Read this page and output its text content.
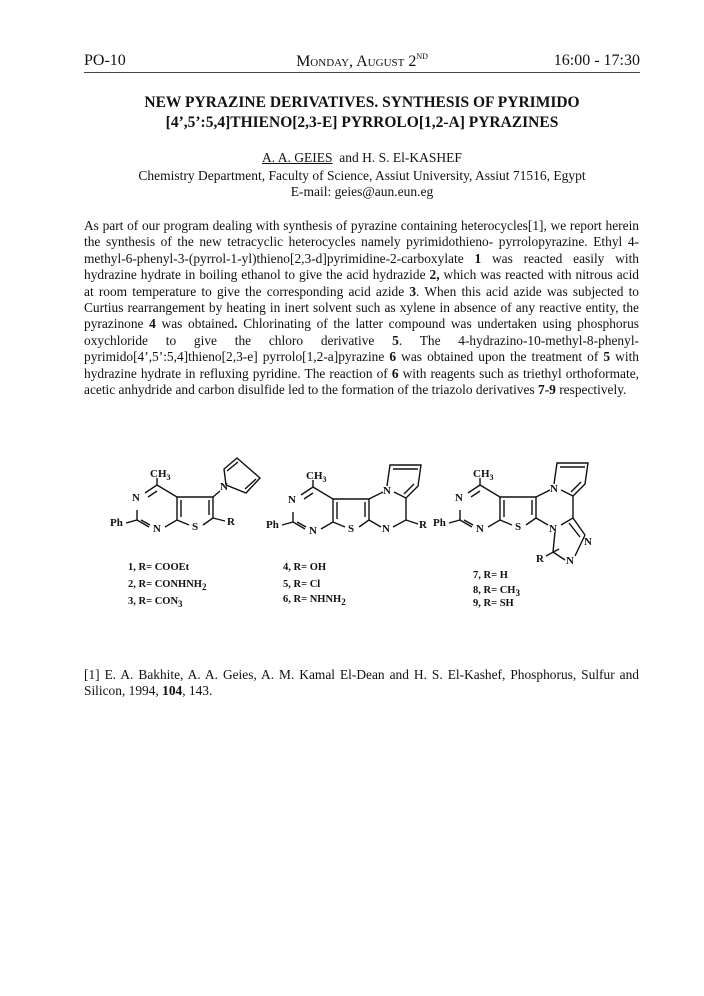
PO-10	Monday, August 2ND	16:00 - 17:30
NEW PYRAZINE DERIVATIVES. SYNTHESIS OF PYRIMIDO
[4’,5’:5,4]THIENO[2,3-E] PYRROLO[1,2-A] PYRAZINES
A. A. GEIES and H. S. El-KASHEF
Chemistry Department, Faculty of Science, Assiut University, Assiut 71516, Egypt
E-mail: geies@aun.eun.eg
As part of our program dealing with synthesis of pyrazine containing heterocycles[1], we report herein the synthesis of the new tetracyclic heterocycles namely pyrimidothieno- pyrrolopyrazine. Ethyl 4-methyl-6-phenyl-3-(pyrrol-1-yl)thieno[2,3-d]pyrimidine-2-carboxylate 1 was reacted easily with hydrazine hydrate in boiling ethanol to give the acid hydrazide 2, which was reacted with nitrous acid at room temperature to give the corresponding acid azide 3. When this acid azide was subjected to Curtius rearrangement by heating in inert solvent such as xylene in absence of any reactive entity, the pyrazinone 4 was obtained. Chlorinating of the latter compound was undertaken using phosphorus oxychloride to give the chloro derivative 5. The 4-hydrazino-10-methyl-8-phenyl- pyrimido[4’,5’:5,4]thieno[2,3-e] pyrrolo[1,2-a]pyrazine 6 was obtained upon the treatment of 5 with hydrazine hydrate in refluxing pyridine. The reaction of 6 with reagents such as triethyl orthoformate, acetic anhydride and carbon disulfide led to the formation of the triazolo derivatives 7-9 respectively.
$CH_3$
N
N
Ph	S
N
R
$CH_3$
N
N
Ph	S
N
N	R
$CH_3$
N
N
Ph	S
N
N
N
N
R
1, R= COOEt
2, R= CONHNH2
3, R= CON3
4, R= OH
5, R= Cl
6, R= NHNH2
7, R= H
8, R= CH3
9, R= SH
[1] E. A. Bakhite, A. A. Geies, A. M. Kamal El-Dean and H. S. El-Kashef, Phosphorus, Sulfur and Silicon, 1994, 104, 143.
